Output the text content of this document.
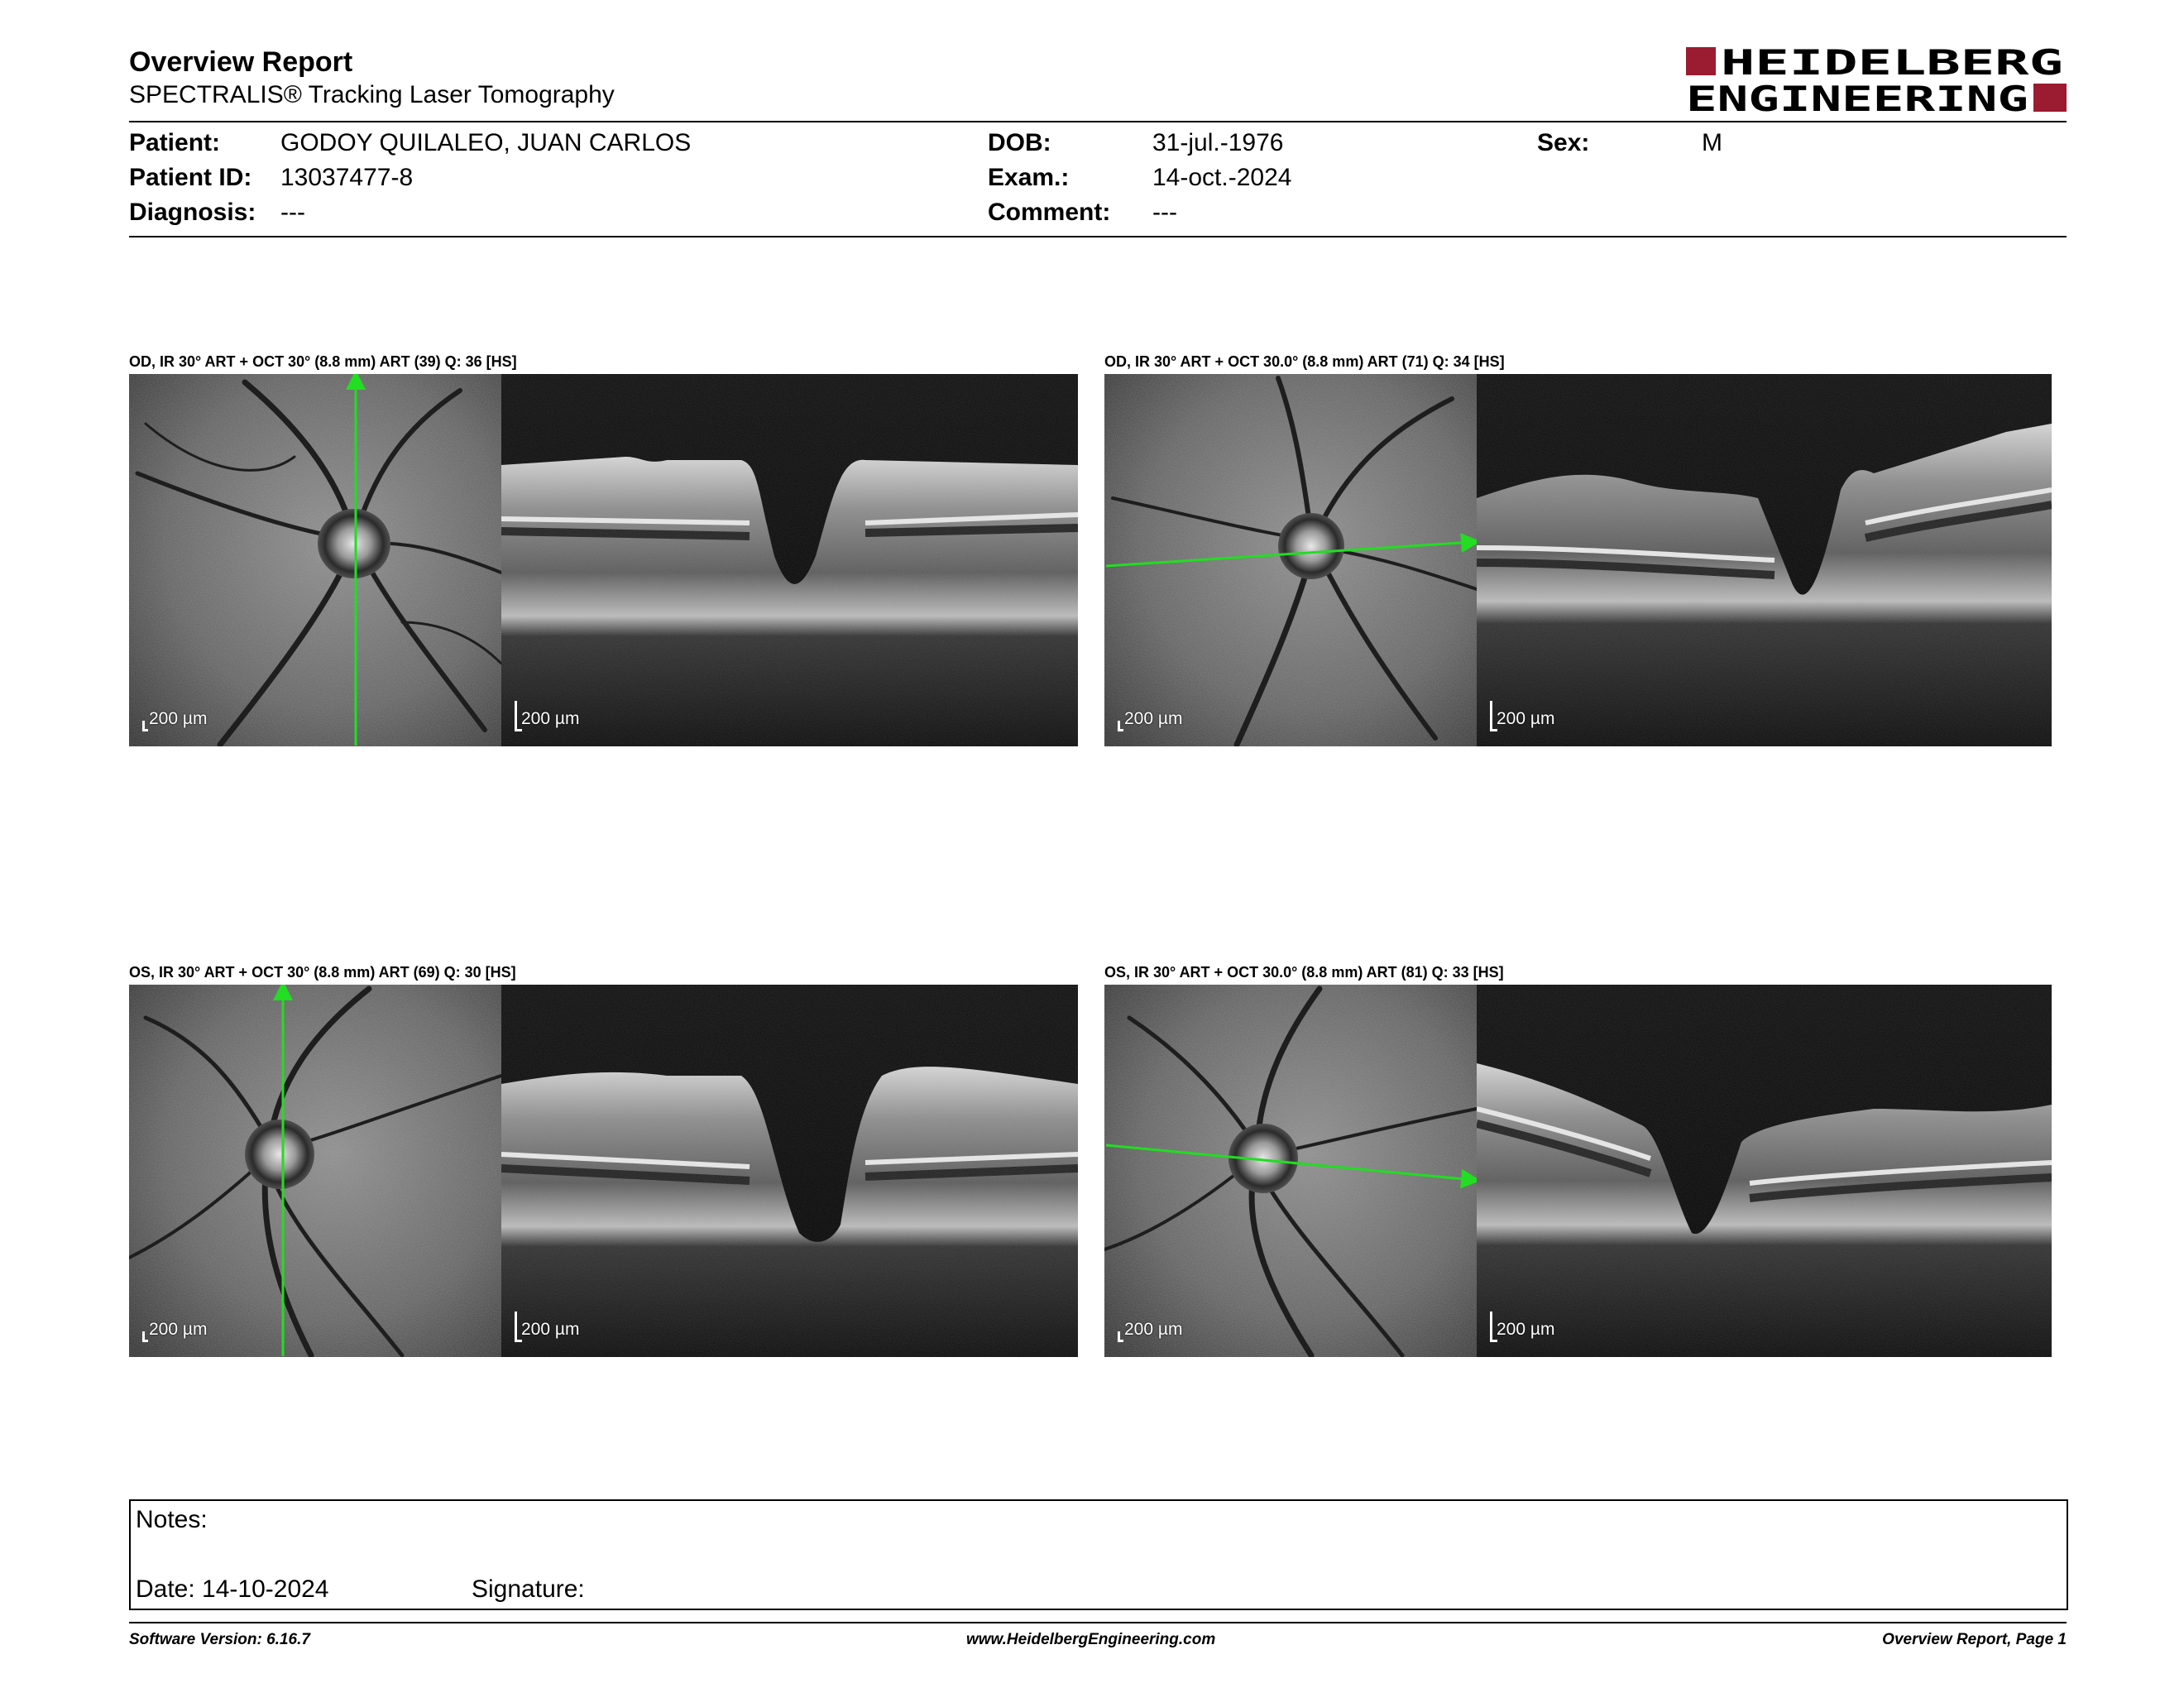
Overview Report
SPECTRALIS® Tracking Laser Tomography
HEIDELBERG
ENGINEERING
Patient: GODOY QUILALEO, JUAN CARLOS
Patient ID: 13037477-8
Diagnosis: ---
DOB:	31-jul.-1976
Exam.:	14-oct.-2024
Comment: ---
Sex:	M
OD, IR 30° ART + OCT 30° (8.8 mm) ART (39) Q: 36 [HS]
200 µm	200 µm
OD, IR 30° ART + OCT 30.0° (8.8 mm) ART (71) Q: 34 [HS]
200 µm	200 µm
OS, IR 30° ART + OCT 30° (8.8 mm) ART (69) Q: 30 [HS]
200 µm	200 µm
OS, IR 30° ART + OCT 30.0° (8.8 mm) ART (81) Q: 33 [HS]
200 µm	200 µm
Notes:
Date: 14-10-2024	Signature:
Software Version: 6.16.7	www.HeidelbergEngineering.com	Overview Report, Page 1
